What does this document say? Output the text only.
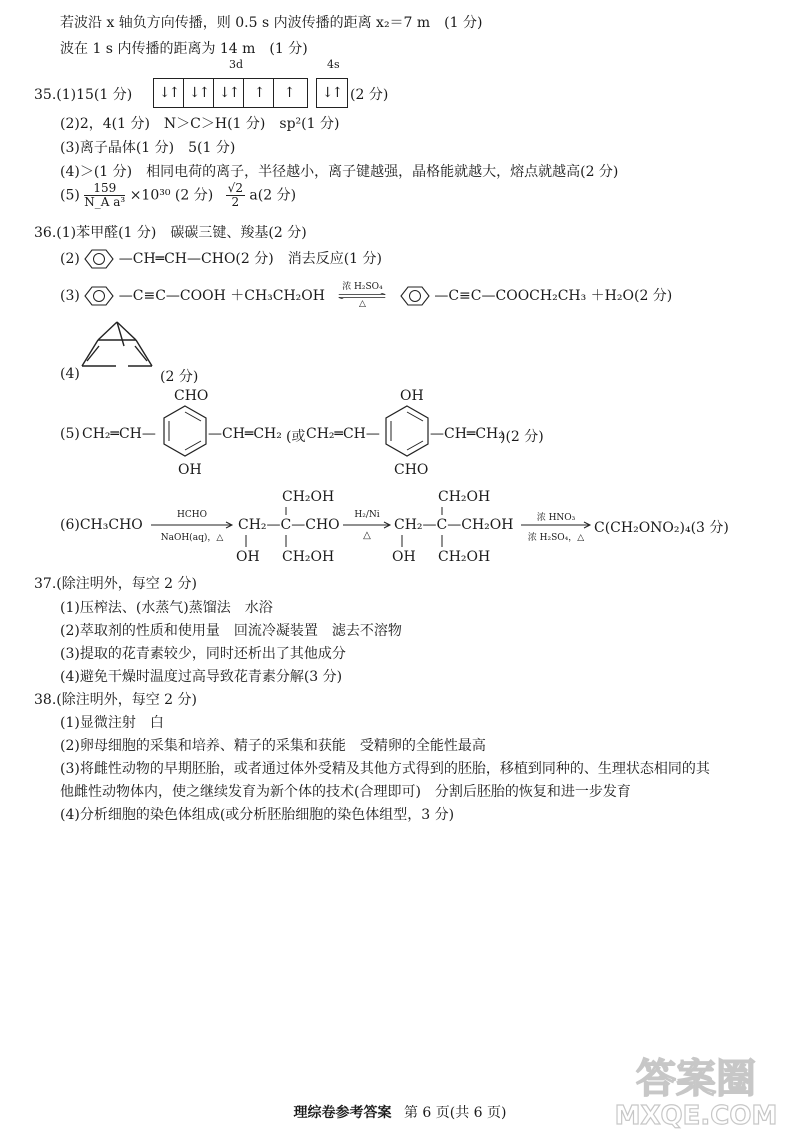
若波沿 x 轴负方向传播，则 0.5 s 内波传播的距离 x₂＝7 m　(1 分)
波在 1 s 内传播的距离为 14 m　(1 分)
3d	4s
35.(1)15(1 分)	↓↑ ↓↑ ↓↑	↑	↑	↓↑ (2 分)
(2)2，4(1 分)　N＞C＞H(1 分)　sp²(1 分)
(3)离子晶体(1 分)　5(1 分)
(4)＞(1 分)　相同电荷的离子，半径越小，离子键越强，晶格能就越大，熔点就越高(2 分)
$(5) \frac{159}{\text{N\_A a³}} \times 10^{30}$ (2 分) $\frac{√2}{2} a(2$ 分)
36.(1)苯甲醛(1 分)　碳碳三键、羧基(2 分)
(2)	—CH═CH—CHO(2 分)　消去反应(1 分)
(3)	—C≡C—COOH ＋CH₃CH₂OH
浓 H₂SO₄
△	—C≡C—COOCH₂CH₃ ＋H₂O(2 分)
(4)	(2 分)
(5) CH₂═CH—
CHO
OH
—CH═CH₂ (或 CH₂═CH—
OH
CHO
—CH═CH₂
)(2 分)
(6)CH₃CHO
HCHO
NaOH(aq)，△
CH₂OH
CH₂—C—CHO
OH CH₂OH
H₂/Ni
△
CH₂OH
CH₂—C—CH₂OH
OH CH₂OH
浓 HNO₃
浓 H₂SO₄，△
C(CH₂ONO₂)₄(3 分)
37.(除注明外，每空 2 分)
(1)压榨法、(水蒸气)蒸馏法　水浴
(2)萃取剂的性质和使用量　回流冷凝装置　滤去不溶物
(3)提取的花青素较少，同时还析出了其他成分
(4)避免干燥时温度过高导致花青素分解(3 分)
38.(除注明外，每空 2 分)
(1)显微注射　白
(2)卵母细胞的采集和培养、精子的采集和获能　受精卵的全能性最高
(3)将雌性动物的早期胚胎，或者通过体外受精及其他方式得到的胚胎，移植到同种的、生理状态相同的其
他雌性动物体内，使之继续发育为新个体的技术(合理即可)　分割后胚胎的恢复和进一步发育
(4)分析细胞的染色体组成(或分析胚胎细胞的染色体组型，3 分)
理综卷参考答案 第 6 页(共 6 页)
答案圈
MXQE.COM
